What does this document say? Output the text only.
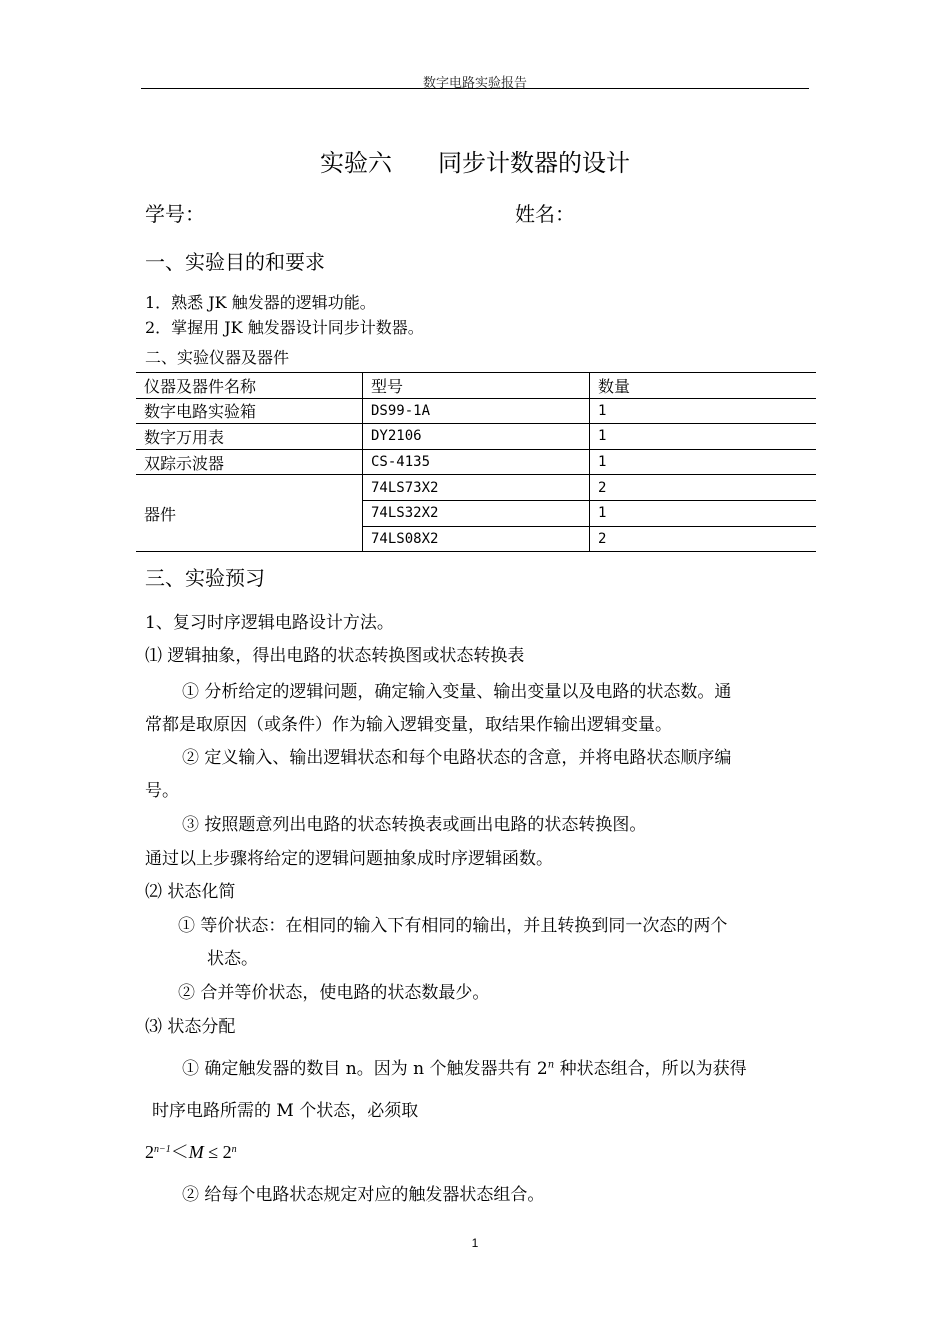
数字电路实验报告
实验六 同步计数器的设计
学号：	姓名：
一、实验目的和要求
1．熟悉 JK 触发器的逻辑功能。
2．掌握用 JK 触发器设计同步计数器。
二、实验仪器及器件
仪器及器件名称	型号	数量
数字电路实验箱	DS99-1A	1
数字万用表	DY2106	1
双踪示波器	CS-4135	1
器件	74LS73X2	2
	74LS32X2	1
	74LS08X2	2
三、实验预习
1、复习时序逻辑电路设计方法。
⑴ 逻辑抽象，得出电路的状态转换图或状态转换表
① 分析给定的逻辑问题，确定输入变量、输出变量以及电路的状态数。通
常都是取原因（或条件）作为输入逻辑变量，取结果作输出逻辑变量。
② 定义输入、输出逻辑状态和每个电路状态的含意，并将电路状态顺序编
号。
③ 按照题意列出电路的状态转换表或画出电路的状态转换图。
通过以上步骤将给定的逻辑问题抽象成时序逻辑函数。
⑵ 状态化简
① 等价状态：在相同的输入下有相同的输出，并且转换到同一次态的两个
状态。
② 合并等价状态，使电路的状态数最少。
⑶ 状态分配
① 确定触发器的数目 n。因为 n 个触发器共有 2$^n$ 种状态组合，所以为获得
时序电路所需的 M 个状态，必须取
$2^{n-1}<M \le 2^n$
② 给每个电路状态规定对应的触发器状态组合。
1
